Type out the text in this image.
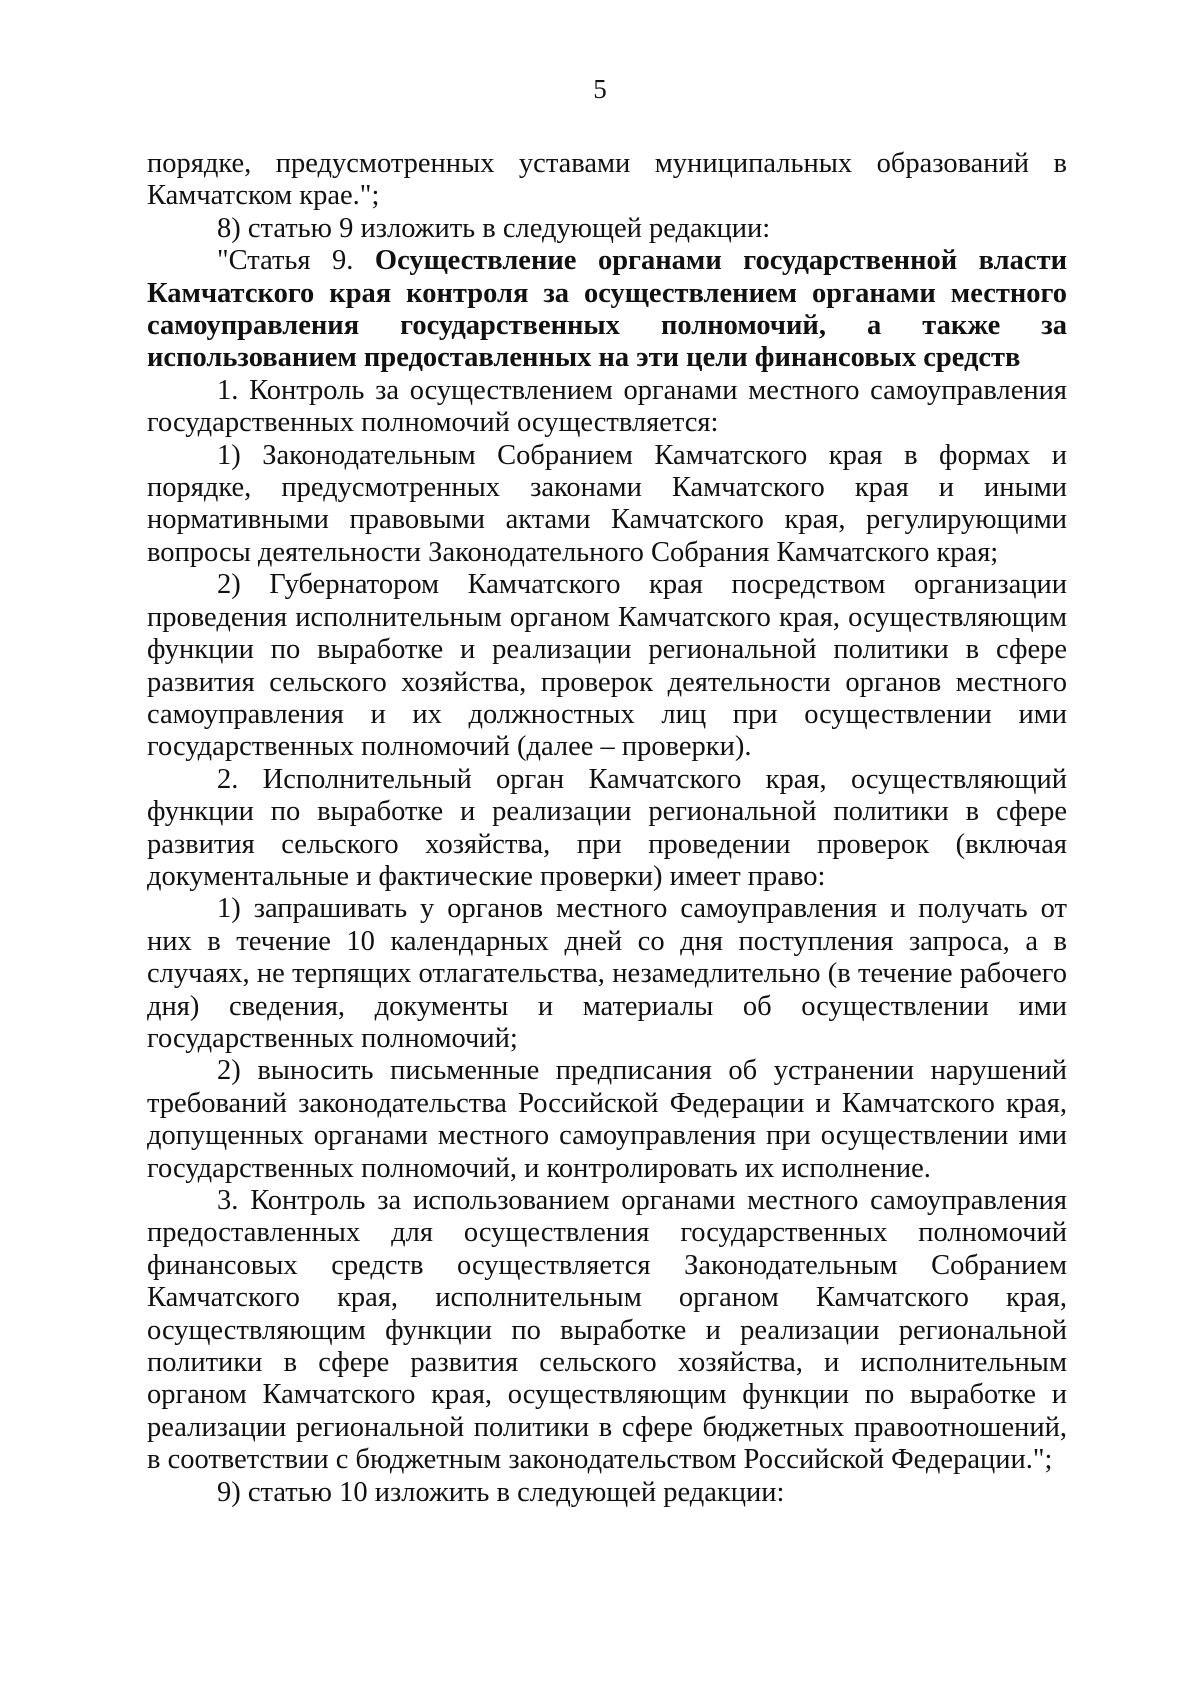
5

порядке, предусмотренных уставами муниципальных образований в Камчатском крае.";

8) статью 9 изложить в следующей редакции:

"Статья 9. Осуществление органами государственной власти Камчатского края контроля за осуществлением органами местного самоуправления государственных полномочий, а также за использованием предоставленных на эти цели финансовых средств

1. Контроль за осуществлением органами местного самоуправления государственных полномочий осуществляется:

1) Законодательным Собранием Камчатского края в формах и порядке, предусмотренных законами Камчатского края и иными нормативными правовыми актами Камчатского края, регулирующими вопросы деятельности Законодательного Собрания Камчатского края;

2) Губернатором Камчатского края посредством организации проведения исполнительным органом Камчатского края, осуществляющим функции по выработке и реализации региональной политики в сфере развития сельского хозяйства, проверок деятельности органов местного самоуправления и их должностных лиц при осуществлении ими государственных полномочий (далее – проверки).

2. Исполнительный орган Камчатского края, осуществляющий функции по выработке и реализации региональной политики в сфере развития сельского хозяйства, при проведении проверок (включая документальные и фактические проверки) имеет право:

1) запрашивать у органов местного самоуправления и получать от них в течение 10 календарных дней со дня поступления запроса, а в случаях, не терпящих отлагательства, незамедлительно (в течение рабочего дня) сведения, документы и материалы об осуществлении ими государственных полномочий;

2) выносить письменные предписания об устранении нарушений требований законодательства Российской Федерации и Камчатского края, допущенных органами местного самоуправления при осуществлении ими государственных полномочий, и контролировать их исполнение.

3. Контроль за использованием органами местного самоуправления предоставленных для осуществления государственных полномочий финансовых средств осуществляется Законодательным Собранием Камчатского края, исполнительным органом Камчатского края, осуществляющим функции по выработке и реализации региональной политики в сфере развития сельского хозяйства, и исполнительным органом Камчатского края, осуществляющим функции по выработке и реализации региональной политики в сфере бюджетных правоотношений, в соответствии с бюджетным законодательством Российской Федерации.";

9) статью 10 изложить в следующей редакции:
